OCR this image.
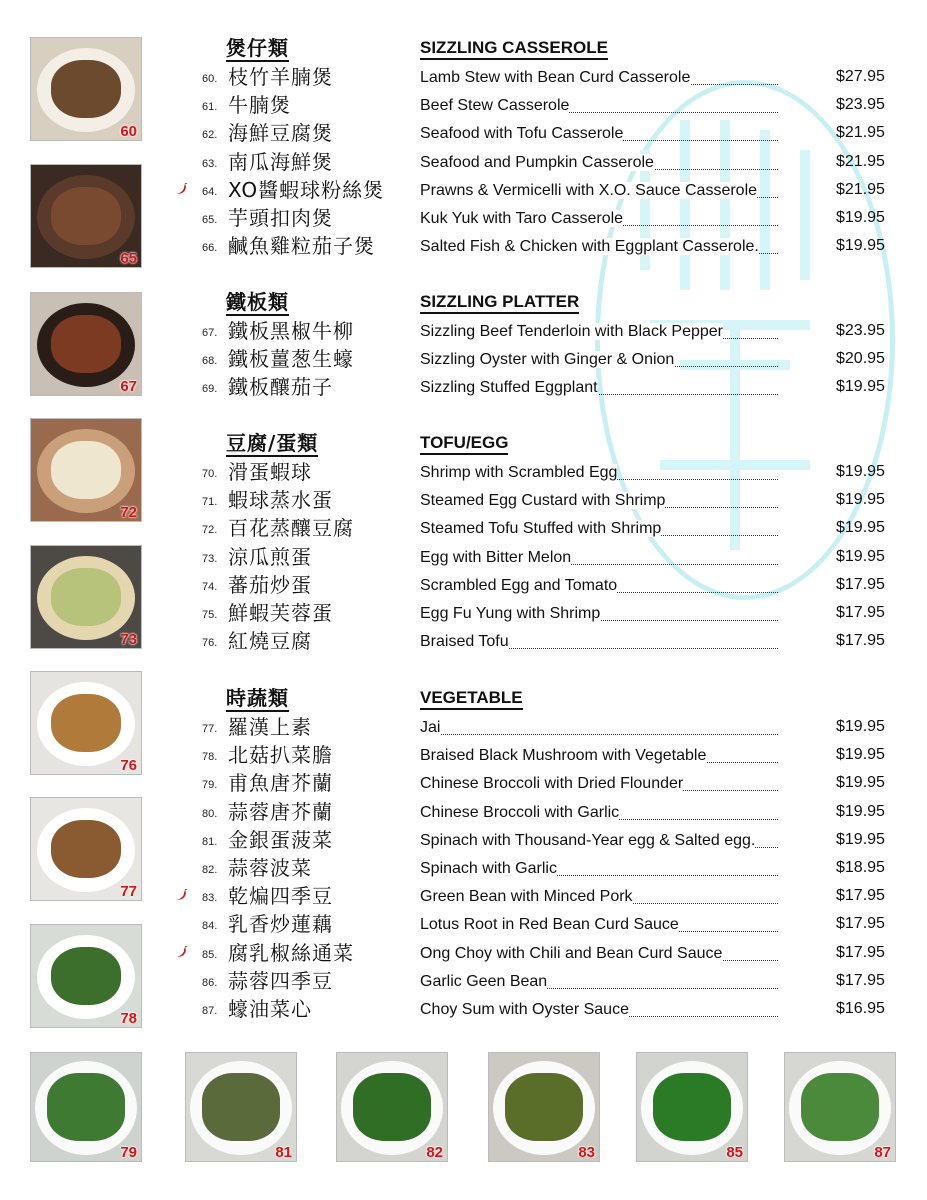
煲仔類	SIZZLING CASSEROLE
60. 枝竹羊腩煲	Lamb Stew with Bean Curd Casserole	$27.95
61. 牛腩煲	Beef Stew Casserole	$23.95
62. 海鮮豆腐煲	Seafood with Tofu Casserole	$21.95
63. 南瓜海鮮煲	Seafood and Pumpkin Casserole	$21.95
64. XO醬蝦球粉絲煲 Prawns & Vermicelli with X.O. Sauce Casserole	$21.95
65. 芋頭扣肉煲	Kuk Yuk with Taro Casserole	$19.95
66. 鹹魚雞粒茄子煲	Salted Fish & Chicken with Eggplant Casserole.	$19.95
鐵板類	SIZZLING PLATTER
67. 鐵板黑椒牛柳	Sizzling Beef Tenderloin with Black Pepper	$23.95
68. 鐵板薑葱生蠔	Sizzling Oyster with Ginger & Onion	$20.95
69. 鐵板釀茄子	Sizzling Stuffed Eggplant	$19.95
豆腐/蛋類	TOFU/EGG
70. 滑蛋蝦球	Shrimp with Scrambled Egg	$19.95
71. 蝦球蒸水蛋	Steamed Egg Custard with Shrimp	$19.95
72. 百花蒸釀豆腐	Steamed Tofu Stuffed with Shrimp	$19.95
73. 涼瓜煎蛋	Egg with Bitter Melon	$19.95
74. 蕃茄炒蛋	Scrambled Egg and Tomato	$17.95
75. 鮮蝦芙蓉蛋	Egg Fu Yung with Shrimp	$17.95
76. 紅燒豆腐	Braised Tofu	$17.95
時蔬類	VEGETABLE
77. 羅漢上素	Jai	$19.95
78. 北菇扒菜膽	Braised Black Mushroom with Vegetable	$19.95
79. 甫魚唐芥蘭	Chinese Broccoli with Dried Flounder	$19.95
80. 蒜蓉唐芥蘭	Chinese Broccoli with Garlic	$19.95
81. 金銀蛋菠菜	Spinach with Thousand-Year egg & Salted egg.	$19.95
82. 蒜蓉波菜	Spinach with Garlic	$18.95
83. 乾煸四季豆	Green Bean with Minced Pork	$17.95
84. 乳香炒蓮藕	Lotus Root in Red Bean Curd Sauce	$17.95
85. 腐乳椒絲通菜	Ong Choy with Chili and Bean Curd Sauce	$17.95
86. 蒜蓉四季豆	Garlic Geen Bean	$17.95
87. 蠔油菜心	Choy Sum with Oyster Sauce	$16.95
60
65
67
72
73
76
77
78
79	81	82	83	85	87
